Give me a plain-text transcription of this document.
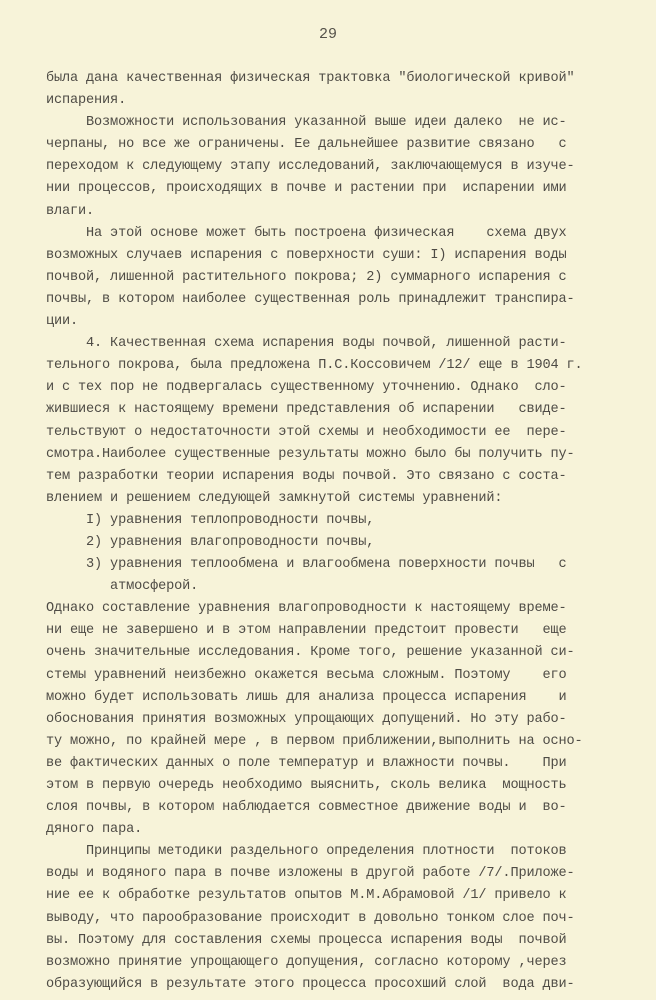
29
была дана качественная физическая трактовка "биологической кривой"
испарения.
Возможности использования указанной выше идеи далеко  не ис-
черпаны, но все же ограничены. Ее дальнейшее развитие связано   с
переходом к следующему этапу исследований, заключающемуся в изуче-
нии процессов, происходящих в почве и растении при  испарении ими
влаги.
На этой основе может быть построена физическая    схема двух
возможных случаев испарения с поверхности суши: I) испарения воды
почвой, лишенной растительного покрова; 2) суммарного испарения с
почвы, в котором наиболее существенная роль принадлежит транспира-
ции.
4. Качественная схема испарения воды почвой, лишенной расти-
тельного покрова, была предложена П.С.Коссовичем /12/ еще в 1904 г.
и с тех пор не подвергалась существенному уточнению. Однако  сло-
жившиеся к настоящему времени представления об испарении   свиде-
тельствуют о недостаточности этой схемы и необходимости ее  пере-
смотра.Наиболее существенные результаты можно было бы получить пу-
тем разработки теории испарения воды почвой. Это связано с соста-
влением и решением следующей замкнутой системы уравнений:
I) уравнения теплопроводности почвы,
2) уравнения влагопроводности почвы,
3) уравнения теплообмена и влагообмена поверхности почвы   с
атмосферой.
Однако составление уравнения влагопроводности к настоящему време-
ни еще не завершено и в этом направлении предстоит провести   еще
очень значительные исследования. Кроме того, решение указанной си-
стемы уравнений неизбежно окажется весьма сложным. Поэтому    его
можно будет использовать лишь для анализа процесса испарения    и
обоснования принятия возможных упрощающих допущений. Но эту рабо-
ту можно, по крайней мере , в первом приближении,выполнить на осно-
ве фактических данных о поле температур и влажности почвы.    При
этом в первую очередь необходимо выяснить, сколь велика  мощность
слоя почвы, в котором наблюдается совместное движение воды и  во-
дяного пара.
Принципы методики раздельного определения плотности  потоков
воды и водяного пара в почве изложены в другой работе /7/.Приложе-
ние ее к обработке результатов опытов М.М.Абрамовой /1/ привело к
выводу, что парообразование происходит в довольно тонком слое поч-
вы. Поэтому для составления схемы процесса испарения воды  почвой
возможно принятие упрощающего допущения, согласно которому ,через
образующийся в результате этого процесса просохший слой  вода дви-
